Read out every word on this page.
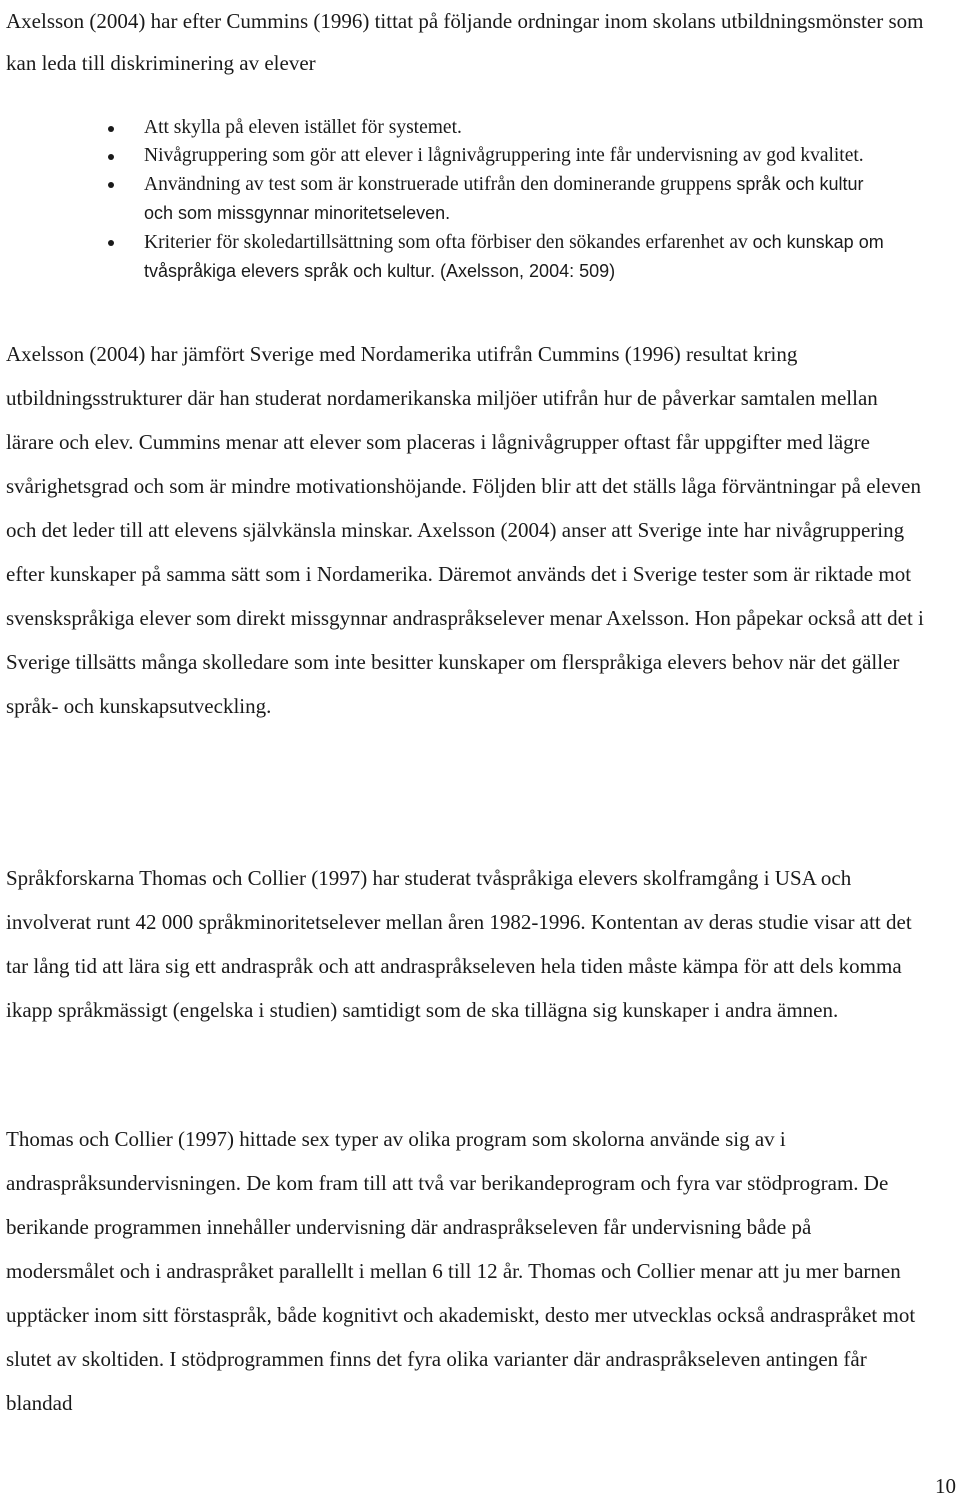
Axelsson (2004) har efter Cummins (1996) tittat på följande ordningar inom skolans utbildningsmönster som kan leda till diskriminering av elever

Att skylla på eleven istället för systemet.
Nivågruppering som gör att elever i lågnivågruppering inte får undervisning av god kvalitet.
Användning av test som är konstruerade utifrån den dominerande gruppens språk och kultur och som missgynnar minoritetseleven.
Kriterier för skoledartillsättning som ofta förbiser den sökandes erfarenhet av och kunskap om tvåspråkiga elevers språk och kultur. (Axelsson, 2004: 509)

Axelsson (2004) har jämfört Sverige med Nordamerika utifrån Cummins (1996) resultat kring utbildningsstrukturer där han studerat nordamerikanska miljöer utifrån hur de påverkar samtalen mellan lärare och elev. Cummins menar att elever som placeras i lågnivågrupper oftast får uppgifter med lägre svårighetsgrad och som är mindre motivationshöjande. Följden blir att det ställs låga förväntningar på eleven och det leder till att elevens självkänsla minskar. Axelsson (2004) anser att Sverige inte har nivågruppering efter kunskaper på samma sätt som i Nordamerika. Däremot används det i Sverige tester som är riktade mot svenskspråkiga elever som direkt missgynnar andraspråkselever menar Axelsson. Hon påpekar också att det i Sverige tillsätts många skolledare som inte besitter kunskaper om flerspråkiga elevers behov när det gäller språk- och kunskapsutveckling.

Språkforskarna Thomas och Collier (1997) har studerat tvåspråkiga elevers skolframgång i USA och involverat runt 42 000 språkminoritetselever mellan åren 1982-1996. Kontentan av deras studie visar att det tar lång tid att lära sig ett andraspråk och att andraspråkseleven hela tiden måste kämpa för att dels komma ikapp språkmässigt (engelska i studien) samtidigt som de ska tillägna sig kunskaper i andra ämnen.

Thomas och Collier (1997) hittade sex typer av olika program som skolorna använde sig av i andraspråksundervisningen. De kom fram till att två var berikandeprogram och fyra var stödprogram. De berikande programmen innehåller undervisning där andraspråkseleven får undervisning både på modersmålet och i andraspråket parallellt i mellan 6 till 12 år. Thomas och Collier menar att ju mer barnen upptäcker inom sitt förstaspråk, både kognitivt och akademiskt, desto mer utvecklas också andraspråket mot slutet av skoltiden. I stödprogrammen finns det fyra olika varianter där andraspråkseleven antingen får blandad

10
